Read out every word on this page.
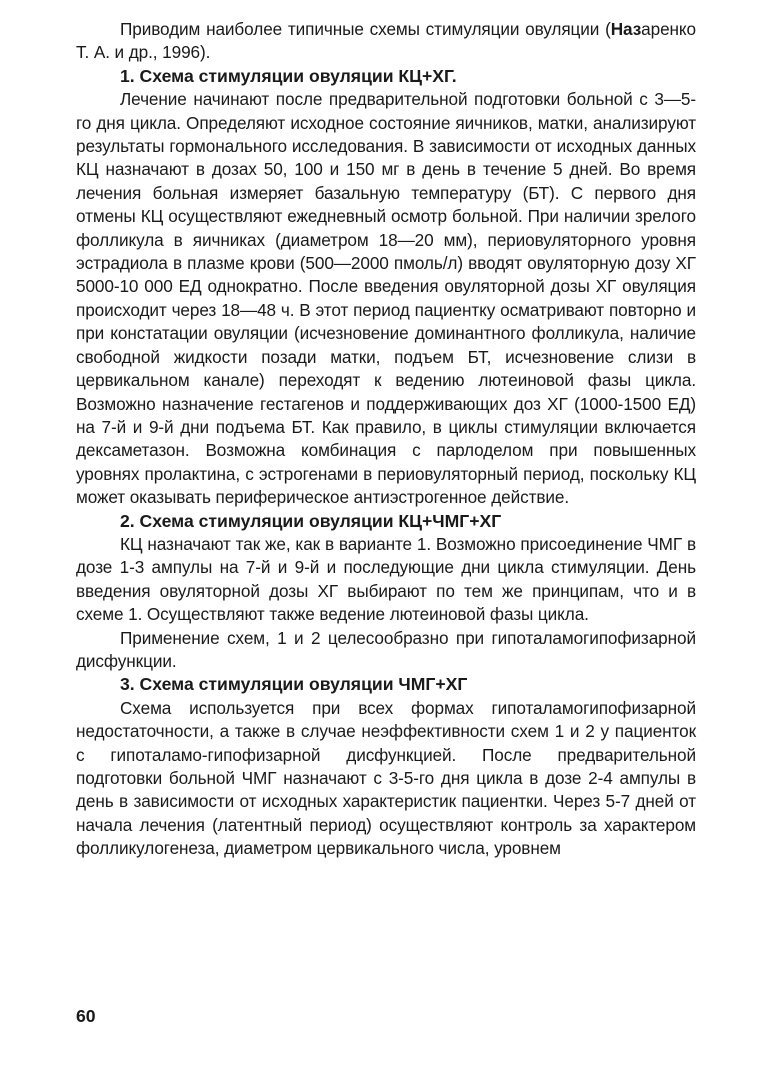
Приводим наиболее типичные схемы стимуляции овуляции (Назаренко Т. А. и др., 1996).

1. Схема стимуляции овуляции КЦ+ХГ.

Лечение начинают после предварительной подготовки больной с 3—5-го дня цикла. Определяют исходное состояние яичников, матки, анализируют результаты гормонального исследования. В зависимости от исходных данных КЦ назначают в дозах 50, 100 и 150 мг в день в течение 5 дней. Во время лечения больная измеряет базальную температуру (БТ). С первого дня отмены КЦ осуществляют ежедневный осмотр больной. При наличии зрелого фолликула в яичниках (диаметром 18—20 мм), периовуляторного уровня эстрадиола в плазме крови (500—2000 пмоль/л) вводят овуляторную дозу ХГ 5000-10 000 ЕД однократно. После введения овуляторной дозы ХГ овуляция происходит через 18—48 ч. В этот период пациентку осматривают повторно и при констатации овуляции (исчезновение доминантного фолликула, наличие свободной жидкости позади матки, подъем БТ, исчезновение слизи в цервикальном канале) переходят к ведению лютеиновой фазы цикла. Возможно назначение гестагенов и поддерживающих доз ХГ (1000-1500 ЕД) на 7-й и 9-й дни подъема БТ. Как правило, в циклы стимуляции включается дексаметазон. Возможна комбинация с парлоделом при повышенных уровнях пролактина, с эстрогенами в периовуляторный период, поскольку КЦ может оказывать периферическое антиэстрогенное действие.

2. Схема стимуляции овуляции КЦ+ЧМГ+ХГ

КЦ назначают так же, как в варианте 1. Возможно присоединение ЧМГ в дозе 1-3 ампулы на 7-й и 9-й и последующие дни цикла стимуляции. День введения овуляторной дозы ХГ выбирают по тем же принципам, что и в схеме 1. Осуществляют также ведение лютеиновой фазы цикла.

Применение схем, 1 и 2 целесообразно при гипоталамогипофизарной дисфункции.

3. Схема стимуляции овуляции ЧМГ+ХГ

Схема используется при всех формах гипоталамогипофизарной недостаточности, а также в случае неэффективности схем 1 и 2 у пациенток с гипоталамо-гипофизарной дисфункцией. После предварительной подготовки больной ЧМГ назначают с 3-5-го дня цикла в дозе 2-4 ампулы в день в зависимости от исходных характеристик пациентки. Через 5-7 дней от начала лечения (латентный период) осуществляют контроль за характером фолликулогенеза, диаметром цервикального числа, уровнем

60
